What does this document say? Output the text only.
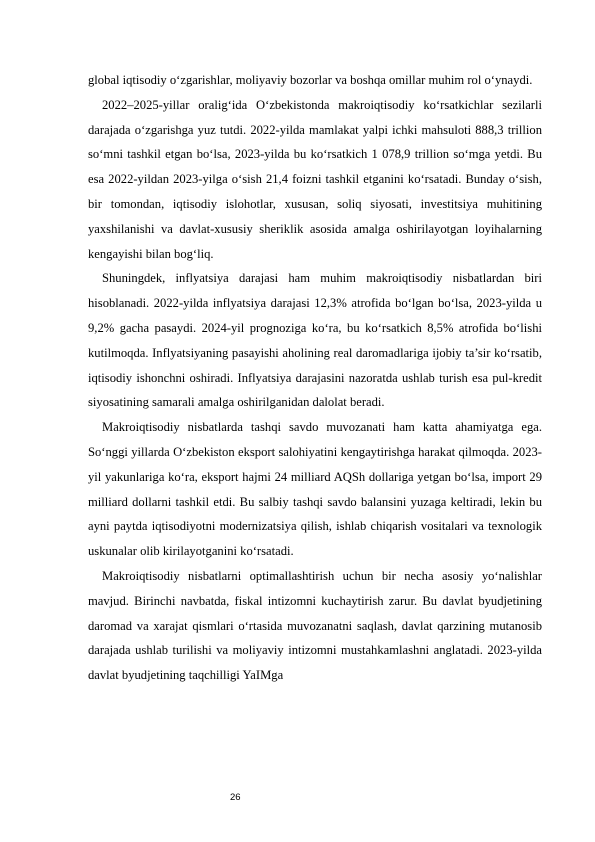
global iqtisodiy o‘zgarishlar, moliyaviy bozorlar va boshqa omillar muhim rol o‘ynaydi.

2022–2025-yillar oralig‘ida O‘zbekistonda makroiqtisodiy ko‘rsatkichlar sezilarli darajada o‘zgarishga yuz tutdi. 2022-yilda mamlakat yalpi ichki mahsuloti 888,3 trillion so‘mni tashkil etgan bo‘lsa, 2023-yilda bu ko‘rsatkich 1 078,9 trillion so‘mga yetdi. Bu esa 2022-yildan 2023-yilga o‘sish 21,4 foizni tashkil etganini ko‘rsatadi. Bunday o‘sish, bir tomondan, iqtisodiy islohotlar, xususan, soliq siyosati, investitsiya muhitining yaxshilanishi va davlat-xususiy sheriklik asosida amalga oshirilayotgan loyihalarning kengayishi bilan bog‘liq.

Shuningdek, inflyatsiya darajasi ham muhim makroiqtisodiy nisbatlardan biri hisoblanadi. 2022-yilda inflyatsiya darajasi 12,3% atrofida bo‘lgan bo‘lsa, 2023-yilda u 9,2% gacha pasaydi. 2024-yil prognoziga ko‘ra, bu ko‘rsatkich 8,5% atrofida bo‘lishi kutilmoqda. Inflyatsiyaning pasayishi aholining real daromadlariga ijobiy ta’sir ko‘rsatib, iqtisodiy ishonchni oshiradi. Inflyatsiya darajasini nazoratda ushlab turish esa pul-kredit siyosatining samarali amalga oshirilganidan dalolat beradi.

Makroiqtisodiy nisbatlarda tashqi savdo muvozanati ham katta ahamiyatga ega. So‘nggi yillarda O‘zbekiston eksport salohiyatini kengaytirishga harakat qilmoqda. 2023-yil yakunlariga ko‘ra, eksport hajmi 24 milliard AQSh dollariga yetgan bo‘lsa, import 29 milliard dollarni tashkil etdi. Bu salbiy tashqi savdo balansini yuzaga keltiradi, lekin bu ayni paytda iqtisodiyotni modernizatsiya qilish, ishlab chiqarish vositalari va texnologik uskunalar olib kirilayotganini ko‘rsatadi.

Makroiqtisodiy nisbatlarni optimallashtirish uchun bir necha asosiy yo‘nalishlar mavjud. Birinchi navbatda, fiskal intizomni kuchaytirish zarur. Bu davlat byudjetining daromad va xarajat qismlari o‘rtasida muvozanatni saqlash, davlat qarzining mutanosib darajada ushlab turilishi va moliyaviy intizomni mustahkamlashni anglatadi. 2023-yilda davlat byudjetining taqchilligi YaIMga

26
